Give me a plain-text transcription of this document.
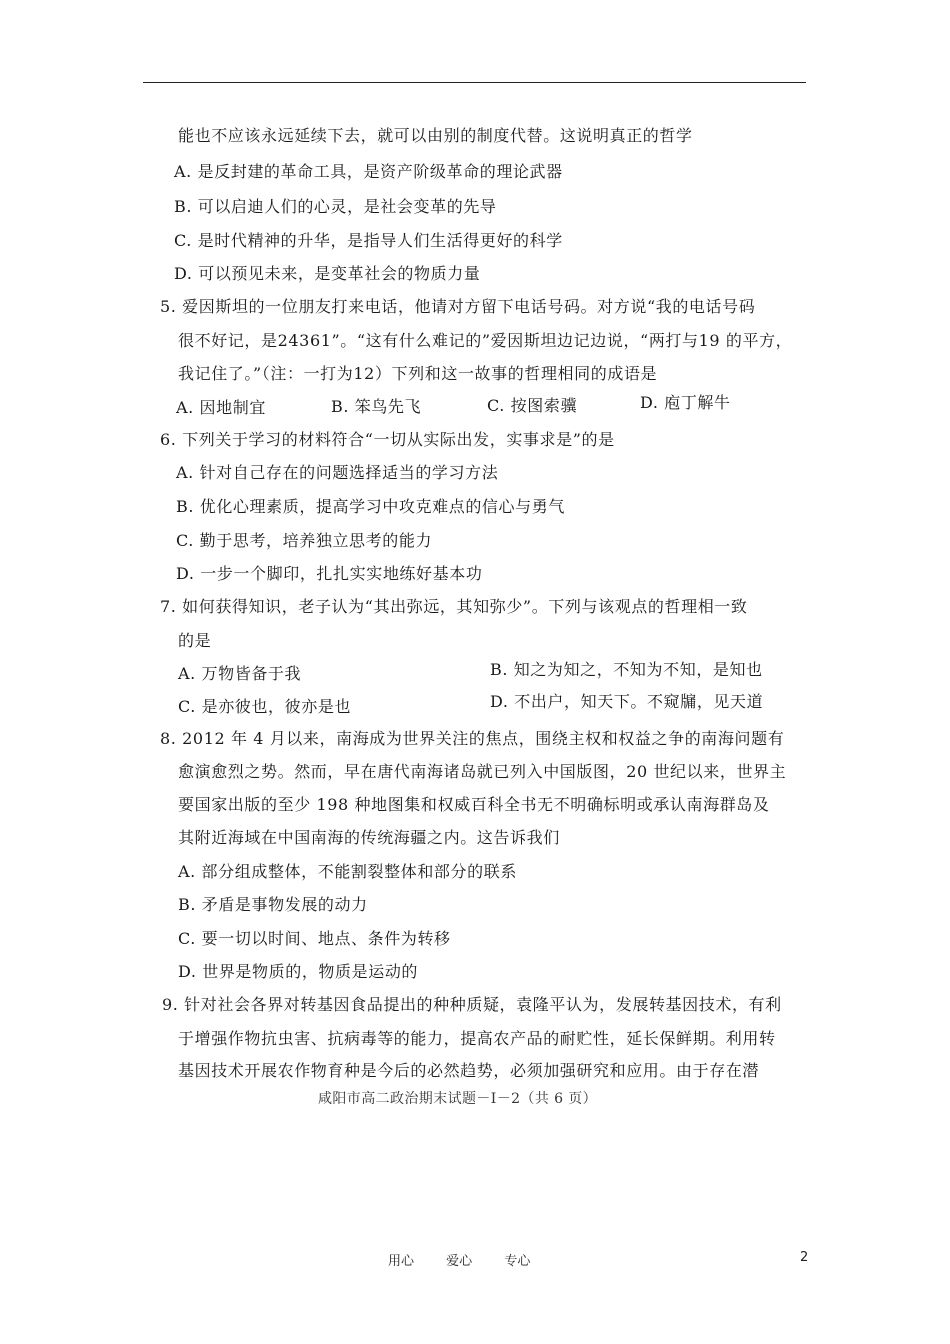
能也不应该永远延续下去，就可以由别的制度代替。这说明真正的哲学
A. 是反封建的革命工具，是资产阶级革命的理论武器
B. 可以启迪人们的心灵，是社会变革的先导
C. 是时代精神的升华，是指导人们生活得更好的科学
D. 可以预见未来，是变革社会的物质力量
5. 爱因斯坦的一位朋友打来电话，他请对方留下电话号码。对方说“我的电话号码
很不好记，是24361”。“这有什么难记的”爱因斯坦边记边说，“两打与19 的平方，
我记住了。”（注：一打为12）下列和这一故事的哲理相同的成语是
A. 因地制宜	B. 笨鸟先飞	C. 按图索骥	D. 庖丁解牛
6. 下列关于学习的材料符合“一切从实际出发，实事求是”的是
A. 针对自己存在的问题选择适当的学习方法
B. 优化心理素质，提高学习中攻克难点的信心与勇气
C. 勤于思考，培养独立思考的能力
D. 一步一个脚印，扎扎实实地练好基本功
7. 如何获得知识，老子认为“其出弥远，其知弥少”。下列与该观点的哲理相一致
的是
A. 万物皆备于我	B. 知之为知之，不知为不知，是知也
C. 是亦彼也，彼亦是也	D. 不出户，知天下。不窥牖，见天道
8. 2012 年 4 月以来，南海成为世界关注的焦点，围绕主权和权益之争的南海问题有
愈演愈烈之势。然而，早在唐代南海诸岛就已列入中国版图，20 世纪以来，世界主
要国家出版的至少 198 种地图集和权威百科全书无不明确标明或承认南海群岛及
其附近海域在中国南海的传统海疆之内。这告诉我们
A. 部分组成整体，不能割裂整体和部分的联系
B. 矛盾是事物发展的动力
C. 要一切以时间、地点、条件为转移
D. 世界是物质的，物质是运动的
9. 针对社会各界对转基因食品提出的种种质疑，袁隆平认为，发展转基因技术，有利
于增强作物抗虫害、抗病毒等的能力，提高农产品的耐贮性，延长保鲜期。利用转
基因技术开展农作物育种是今后的必然趋势，必须加强研究和应用。由于存在潜
咸阳市高二政治期末试题－Ⅰ－2（共 6 页）
用心 爱心 专心	2
